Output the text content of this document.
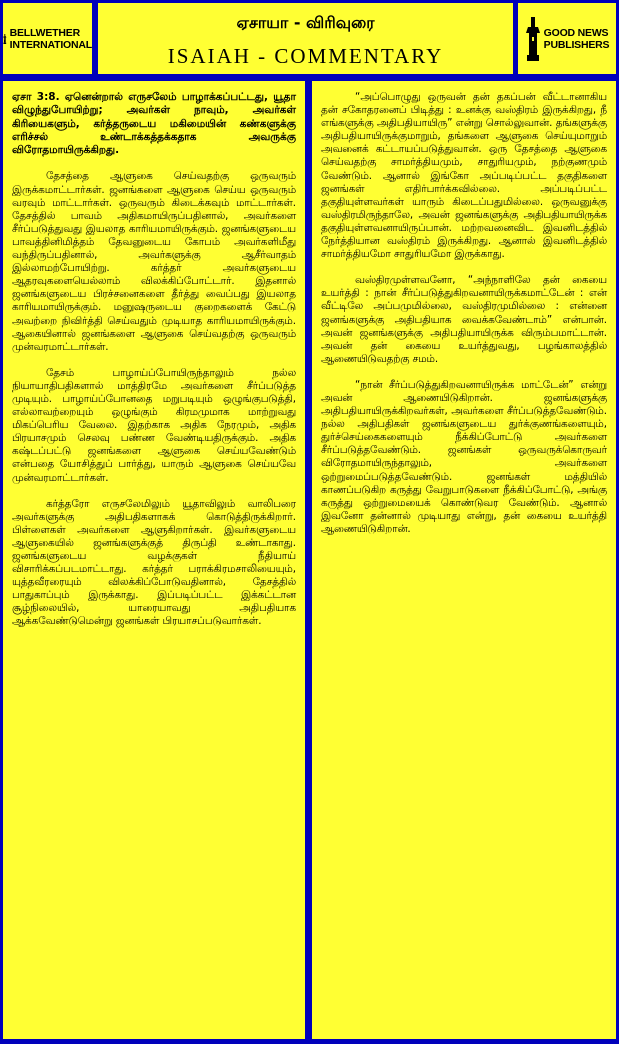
BELLWETHER
INTERNATIONAL
ஏசாயா - விரிவுரை
ISAIAH - COMMENTARY
GOOD NEWS
PUBLISHERS

ஏசா 3:8. ஏனென்றால் எருசலேம் பாழாக்கப்பட்டது, யூதா விழுந்துபோயிற்று; அவர்கள் நாவும், அவர்கள் கிரியைகளும், கர்த்தருடைய மகிமையின் கண்களுக்கு எரிச்சல் உண்டாக்கத்தக்கதாக அவருக்கு விரோதமாயிருக்கிறது.

தேசத்தை ஆளுகை செய்வதற்கு ஒருவரும் இருக்கமாட்டார்கள். ஜனங்களை ஆளுகை செய்ய ஒருவரும் வரவும் மாட்டார்கள். ஒருவரும் கிடைக்கவும் மாட்டார்கள். தேசத்தில் பாவம் அதிகமாயிருப்பதினால், அவர்களை சீர்ப்படுத்துவது இயலாத காரியமாயிருக்கும். ஜனங்களுடைய பாவத்தினிமித்தம் தேவனுடைய கோபம் அவர்களிமீது வந்திருப்பதினால், அவர்களுக்கு ஆசீர்வாதம் இல்லாமற்போயிற்று. கர்த்தர் அவர்களுடைய ஆதரவுகளையெல்லாம் விலக்கிப்போட்டார். இதனால் ஜனங்களுடைய பிரச்சனைகளை தீர்த்து வைப்பது இயலாத காரியமாயிருக்கும். மனுஷருடைய குறைகளைக் கேட்டு அவற்றை நிவிர்த்தி செய்வதும் முடியாத காரியமாயிருக்கும். ஆகையினால் ஜனங்களை ஆளுகை செய்வதற்கு ஒருவரும் முன்வரமாட்டார்கள்.

தேசம் பாழாய்ப்போயிருந்தாலும் நல்ல நியாயாதிபதிகளால் மாத்திரமே அவர்களை சீர்ப்படுத்த முடியும். பாழாய்ப்போனதை மறுபடியும் ஒழுங்குபடுத்தி, எல்லாவற்றையும் ஒழுங்கும் கிரமமுமாக மாற்றுவது மிகப்பெரிய வேலை. இதற்காக அதிக நேரமும், அதிக பிரயாசமும் செலவு பண்ண வேண்டியதிருக்கும். அதிக கஷ்டப்பட்டு ஜனங்களை ஆளுகை செய்யவேண்டும் என்பதை யோசித்துப் பார்த்து, யாரும் ஆளுகை செய்யவே முன்வரமாட்டார்கள்.

கர்த்தரோ எருசலேமிலும் யூதாவிலும் வாலிபரை அவர்களுக்கு அதிபதிகளாகக் கொடுத்திருக்கிறார். பிள்ளைகள் அவர்களை ஆளுகிறார்கள். இவர்களுடைய ஆளுகையில் ஜனங்களுக்குத் திருப்தி உண்டாகாது. ஜனங்களுடைய வழக்குகள் நீதியாய் விசாரிக்கப்படமாட்டாது. கர்த்தர் பராக்கிரமசாலியையும், யுத்தவீரரையும் விலக்கிப்போடுவதினால், தேசத்தில் பாதுகாப்பும் இருக்காது. இப்படிப்பட்ட இக்கட்டான சூழ்நிலையில், யாரையாவது அதிபதியாக ஆக்கவேண்டுமென்று ஜனங்கள் பிரயாசப்படுவார்கள்.

“அப்பொழுது ஒருவன் தன் தகப்பன் வீட்டானாகிய தன் சகோதரனைப் பிடித்து : உனக்கு வஸ்திரம் இருக்கிறது, நீ எங்களுக்கு அதிபதியாயிரு” என்று சொல்லுவான். தங்களுக்கு அதிபதியாயிருக்குமாறும், தங்களை ஆளுகை செய்யுமாறும் அவனைக் கட்டாயப்படுத்துவான். ஒரு தேசத்தை ஆளுகை செய்வதற்கு சாமர்த்தியமும், சாதுரியமும், நற்குணமும் வேண்டும். ஆனால் இங்கோ அப்படிப்பட்ட தகுதிகளை ஜனங்கள் எதிர்பார்க்கவில்லை. அப்படிப்பட்ட தகுதியுள்ளவர்கள் யாரும் கிடைப்பதுமில்லை. ஒருவனுக்கு வஸ்திரமிருந்தாலே, அவன் ஜனங்களுக்கு அதிபதியாயிருக்க தகுதியுள்ளவனாயிருப்பான். மற்றவனைவிட இவனிடத்தில் நேர்த்தியான வஸ்திரம் இருக்கிறது. ஆனால் இவனிடத்தில் சாமர்த்தியமோ சாதுரியமோ இருக்காது.

வஸ்திரமுள்ளவனோ, “அந்நாளிலே தன் கையை உயர்த்தி : நான் சீர்ப்படுத்துகிறவனாயிருக்கமாட்டேன் : என் வீட்டிலே அப்பமுமில்லை, வஸ்திரமுமில்லை : என்னை ஜனங்களுக்கு அதிபதியாக வைக்கவேண்டாம்” என்பான். அவன் ஜனங்களுக்கு அதிபதியாயிருக்க விரும்பமாட்டான். அவன் தன் கையை உயர்த்துவது, பழங்காலத்தில் ஆணையிடுவதற்கு சமம்.

“நான் சீர்ப்படுத்துகிறவனாயிருக்க மாட்டேன்” என்று அவன் ஆணையிடுகிறான். ஜனங்களுக்கு அதிபதியாயிருக்கிறவர்கள், அவர்களை சீர்ப்படுத்தவேண்டும். நல்ல அதிபதிகள் ஜனங்களுடைய துர்க்குணங்களையும், துர்ச்செய்கைகளையும் நீக்கிப்போட்டு அவர்களை சீர்ப்படுத்தவேண்டும். ஜனங்கள் ஒருவருக்கொருவர் விரோதமாயிருந்தாலும், அவர்களை ஒற்றுமைப்படுத்தவேண்டும். ஜனங்கள் மத்தியில் காணப்படுகிற கருத்து வேறுபாடுகளை நீக்கிப்போட்டு, அங்கு கருத்து ஒற்றுமையைக் கொண்டுவர வேண்டும். ஆனால் இவனோ தன்னால் முடியாது என்று, தன் கையை உயர்த்தி ஆணையிடுகிறான்.
